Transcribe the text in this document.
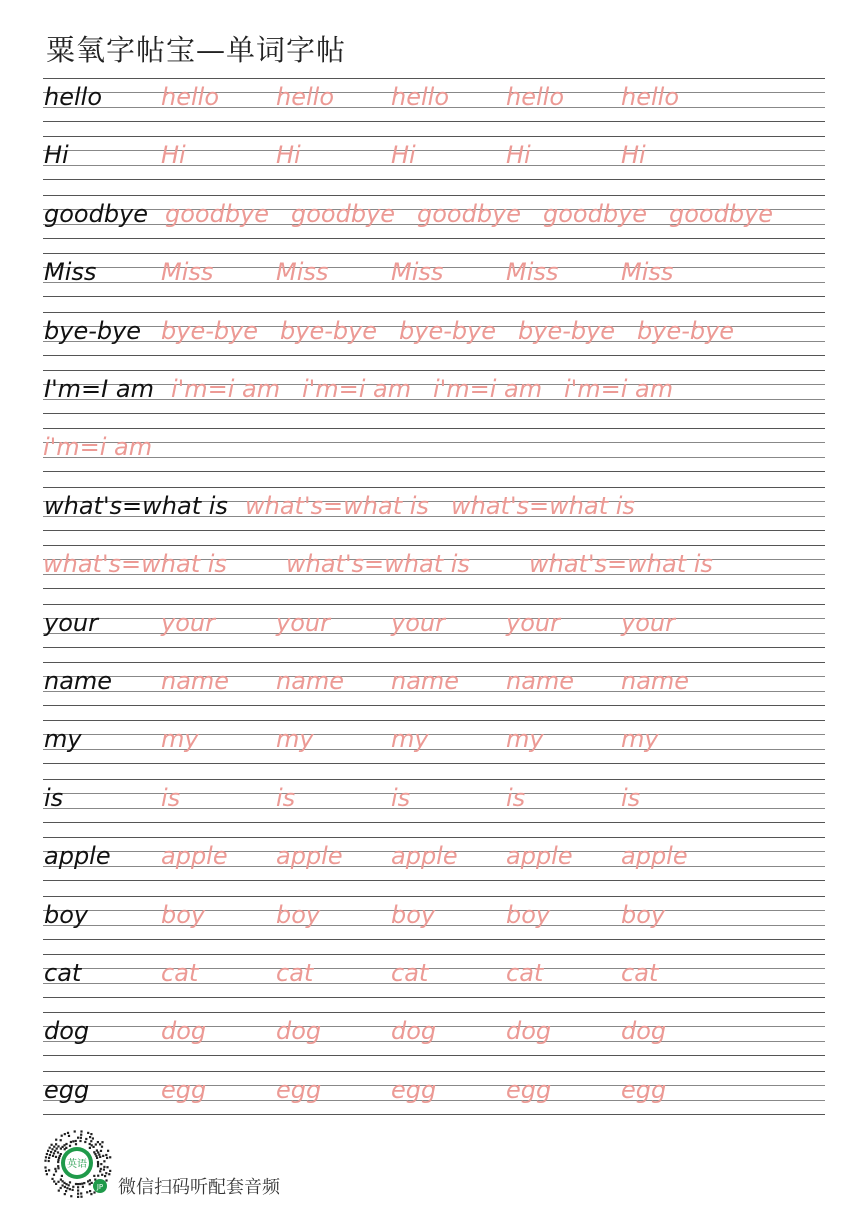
粟氧字帖宝—单词字帖
hello hello hello hello hello hello
Hi	Hi	Hi	Hi	Hi	Hi
goodbye goodbye goodbye goodbye goodbye goodbye
Miss	Miss	Miss	Miss	Miss	Miss
bye-bye bye-bye bye-bye bye-bye bye-bye bye-bye
I'm=I am i'm=i am i'm=i am i'm=i am i'm=i am
i'm=i am
what's=what is what's=what is what's=what is
what's=what is what's=what is what's=what is
your	your	your	your	your	your
name name name name name name
my	my	my	my	my	my
is	is	is	is	is	is
apple apple apple apple apple apple
boy	boy	boy	boy	boy	boy
cat	cat	cat	cat	cat	cat
dog	dog	dog	dog	dog	dog
egg	egg	egg	egg	egg	egg
英语
JP 微信扫码听配套音频
